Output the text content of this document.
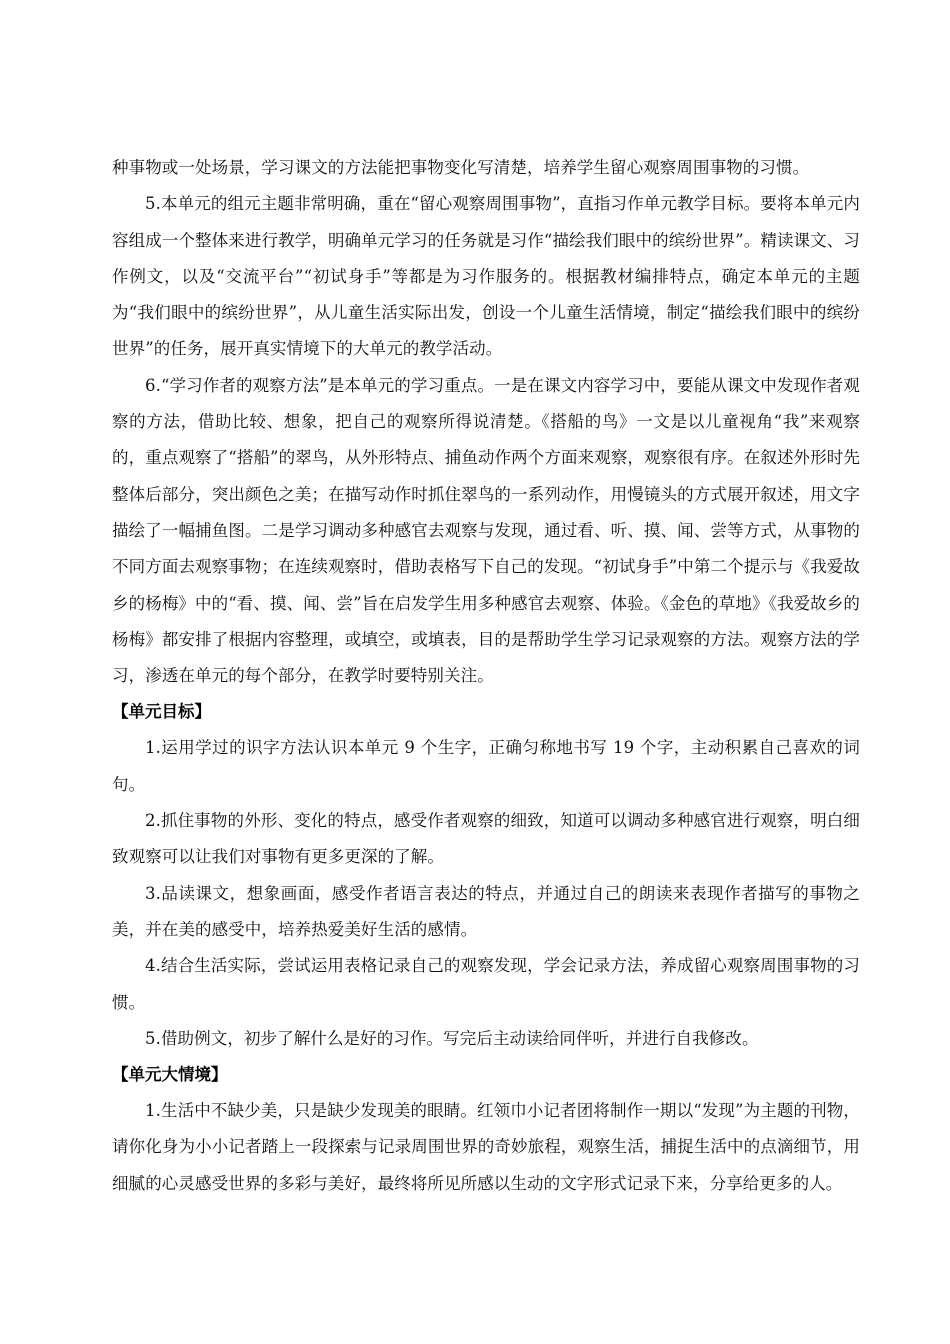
种事物或一处场景，学习课文的方法能把事物变化写清楚，培养学生留心观察周围事物的习惯。

5.本单元的组元主题非常明确，重在“留心观察周围事物”，直指习作单元教学目标。要将本单元内容组成一个整体来进行教学，明确单元学习的任务就是习作“描绘我们眼中的缤纷世界”。精读课文、习作例文，以及“交流平台”“初试身手”等都是为习作服务的。根据教材编排特点，确定本单元的主题为“我们眼中的缤纷世界”，从儿童生活实际出发，创设一个儿童生活情境，制定“描绘我们眼中的缤纷世界”的任务，展开真实情境下的大单元的教学活动。

6.“学习作者的观察方法”是本单元的学习重点。一是在课文内容学习中，要能从课文中发现作者观察的方法，借助比较、想象，把自己的观察所得说清楚。《搭船的鸟》一文是以儿童视角“我”来观察的，重点观察了“搭船”的翠鸟，从外形特点、捕鱼动作两个方面来观察，观察很有序。在叙述外形时先整体后部分，突出颜色之美；在描写动作时抓住翠鸟的一系列动作，用慢镜头的方式展开叙述，用文字描绘了一幅捕鱼图。二是学习调动多种感官去观察与发现，通过看、听、摸、闻、尝等方式，从事物的不同方面去观察事物；在连续观察时，借助表格写下自己的发现。“初试身手”中第二个提示与《我爱故乡的杨梅》中的“看、摸、闻、尝”旨在启发学生用多种感官去观察、体验。《金色的草地》《我爱故乡的杨梅》都安排了根据内容整理，或填空，或填表，目的是帮助学生学习记录观察的方法。观察方法的学习，渗透在单元的每个部分，在教学时要特别关注。

【单元目标】

1.运用学过的识字方法认识本单元 9 个生字，正确匀称地书写 19 个字，主动积累自己喜欢的词句。

2.抓住事物的外形、变化的特点，感受作者观察的细致，知道可以调动多种感官进行观察，明白细致观察可以让我们对事物有更多更深的了解。

3.品读课文，想象画面，感受作者语言表达的特点，并通过自己的朗读来表现作者描写的事物之美，并在美的感受中，培养热爱美好生活的感情。

4.结合生活实际，尝试运用表格记录自己的观察发现，学会记录方法，养成留心观察周围事物的习惯。

5.借助例文，初步了解什么是好的习作。写完后主动读给同伴听，并进行自我修改。

【单元大情境】

1.生活中不缺少美，只是缺少发现美的眼睛。红领巾小记者团将制作一期以“发现”为主题的刊物，请你化身为小小记者踏上一段探索与记录周围世界的奇妙旅程，观察生活，捕捉生活中的点滴细节，用细腻的心灵感受世界的多彩与美好，最终将所见所感以生动的文字形式记录下来，分享给更多的人。
